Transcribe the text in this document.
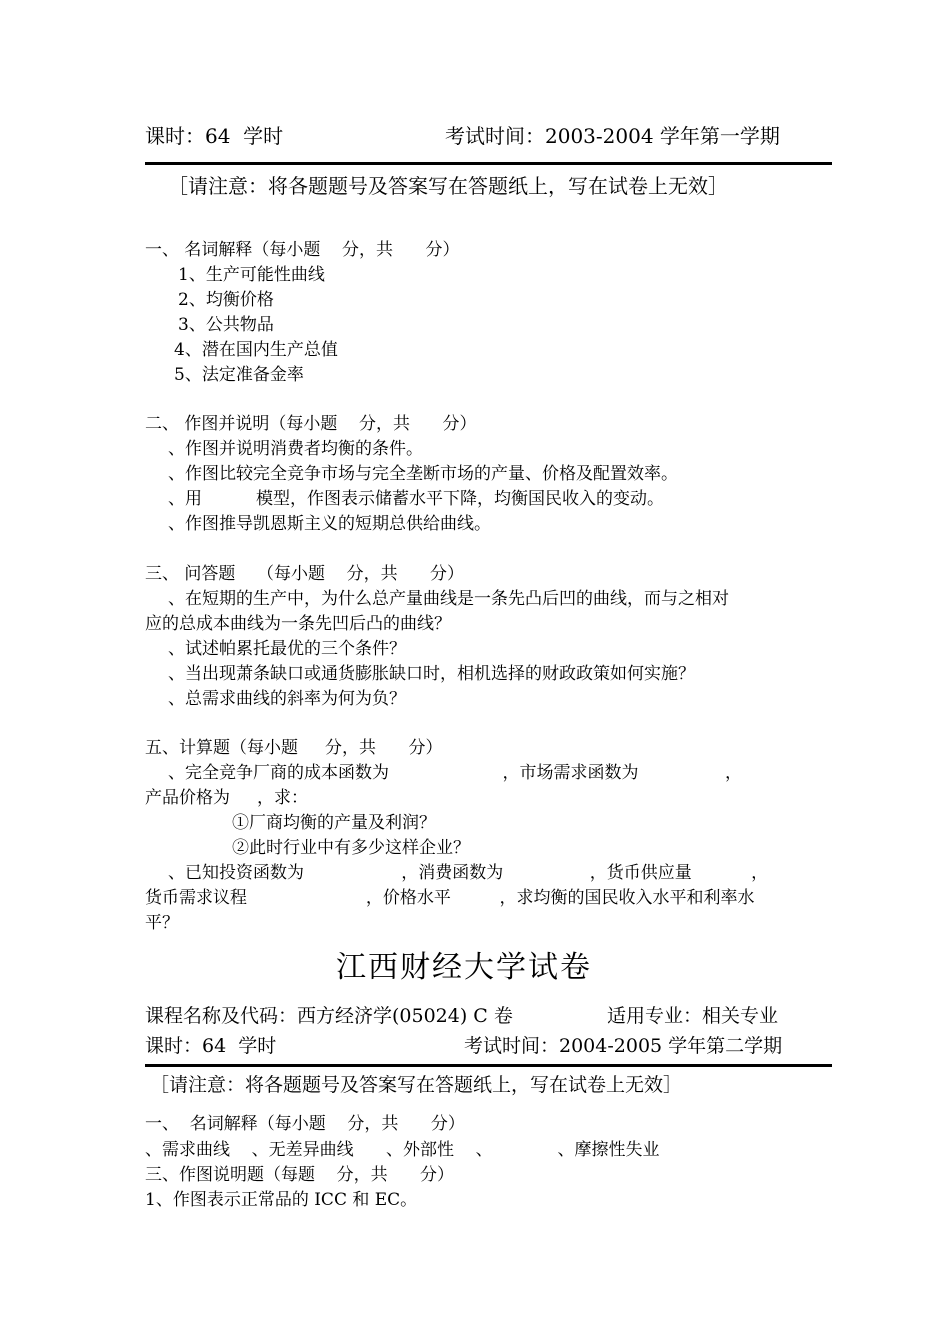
课时：64  学时	考试时间：2003-2004 学年第一学期
［请注意：将各题题号及答案写在答题纸上，写在试卷上无效］
一、 名词解释（每小题    分，共      分）
1、生产可能性曲线
2、均衡价格
3、公共物品
4、潜在国内生产总值
5、法定准备金率
二、 作图并说明（每小题    分，共      分）
、作图并说明消费者均衡的条件。
、作图比较完全竞争市场与完全垄断市场的产量、价格及配置效率。
、用          模型，作图表示储蓄水平下降，均衡国民收入的变动。
、作图推导凯恩斯主义的短期总供给曲线。
三、 问答题    （每小题    分，共      分）
、在短期的生产中，为什么总产量曲线是一条先凸后凹的曲线，而与之相对
应的总成本曲线为一条先凹后凸的曲线？
、试述帕累托最优的三个条件？
、当出现萧条缺口或通货膨胀缺口时，相机选择的财政政策如何实施？
、总需求曲线的斜率为何为负？
五、计算题（每小题     分，共      分）
、完全竞争厂商的成本函数为                     ，市场需求函数为                ，
产品价格为     ，求：
①厂商均衡的产量及利润？
②此时行业中有多少这样企业？
、已知投资函数为                  ，消费函数为                ，货币供应量           ，
货币需求议程                      ，价格水平         ，求均衡的国民收入水平和利率水
平？
江西财经大学试卷
课程名称及代码：西方经济学(05024) C 卷	适用专业：相关专业
课时：64  学时	考试时间：2004-2005 学年第二学期
［请注意：将各题题号及答案写在答题纸上，写在试卷上无效］
一、  名词解释（每小题    分，共      分）
、需求曲线    、无差异曲线      、外部性    、            、摩擦性失业
三、作图说明题（每题    分，共      分）
1、作图表示正常品的 ICC 和 EC。
